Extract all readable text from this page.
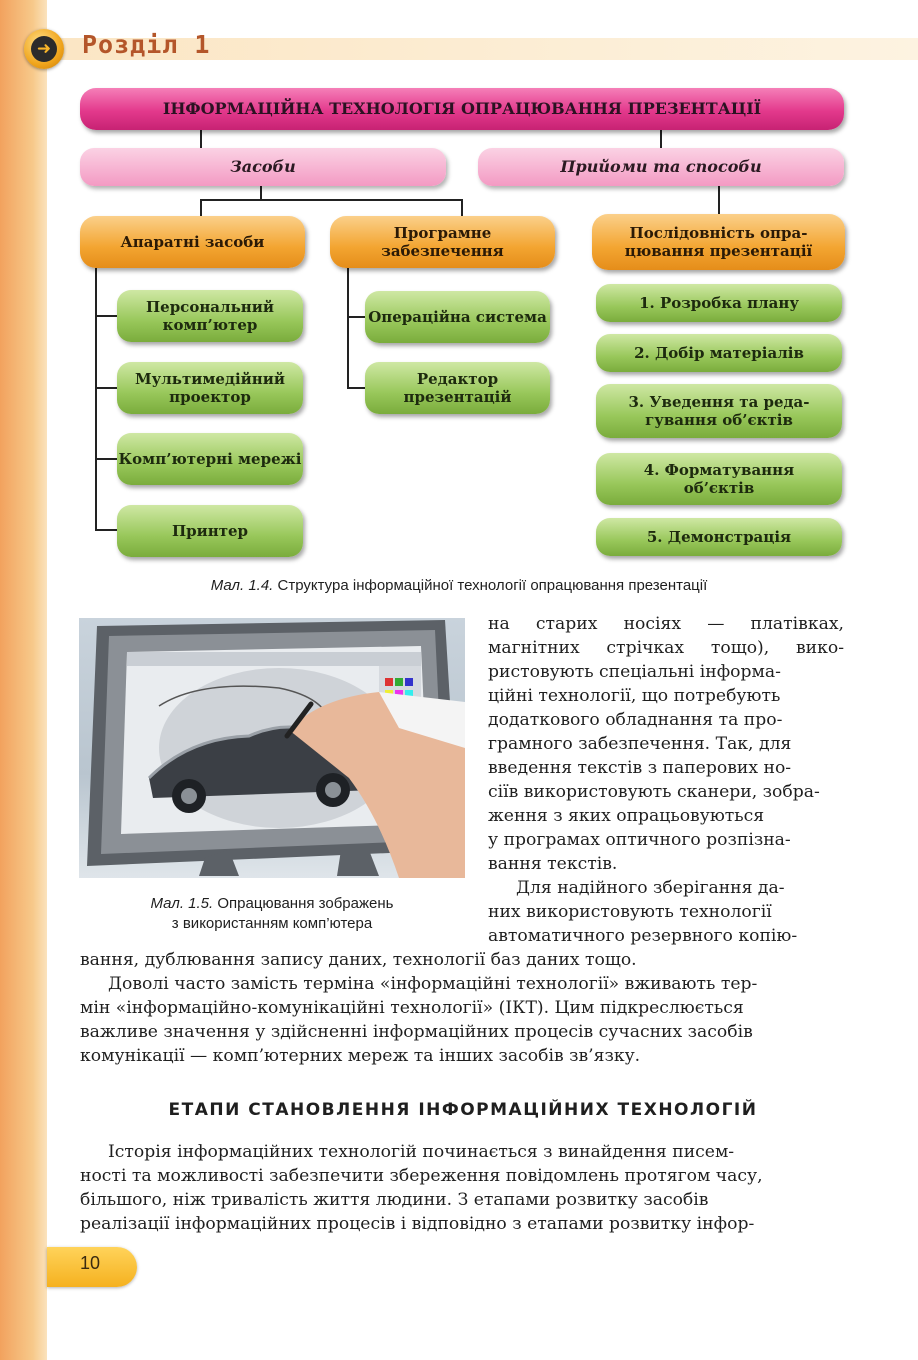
➜ Розділ 1
ІНФОРМАЦІЙНА ТЕХНОЛОГІЯ ОПРАЦЮВАННЯ ПРЕЗЕНТАЦІЇ
Засоби	Прийоми та способи
Апаратні засоби	Програмне
забезпечення
Послідовність опра-
цювання презентації
Персональний комп’ютер
Мультимедійний проектор
Комп’ютерні мережі
Принтер
Операційна система
Редактор презентацій
1. Розробка плану
2. Добір матеріалів
3. Уведення та реда-гування об’єктів
4. Форматування об’єктів
5. Демонстрація
Мал. 1.4. Структура інформаційної технології опрацювання презентації
Мал. 1.5. Опрацювання зображень
з використанням комп’ютера
на старих носіях — платівках,
магнітних стрічках тощо), вико-
ристовують спеціальні інформа-
ційні технології, що потребують
додаткового обладнання та про-
грамного забезпечення. Так, для
введення текстів з паперових но-
сіїв використовують сканери, зобра-
ження з яких опрацьовуються
у програмах оптичного розпізна-
вання текстів.
Для надійного зберігання да-
них використовують технології
автоматичного резервного копію-
вання, дублювання запису даних, технології баз даних тощо.
Доволі часто замість терміна «інформаційні технології» вживають тер-
мін «інформаційно-комунікаційні технології» (ІКТ). Цим підкреслюється
важливе значення у здійсненні інформаційних процесів сучасних засобів
комунікації — комп’ютерних мереж та інших засобів зв’язку.
ЕТАПИ СТАНОВЛЕННЯ ІНФОРМАЦІЙНИХ ТЕХНОЛОГІЙ
Історія інформаційних технологій починається з винайдення писем-
ності та можливості забезпечити збереження повідомлень протягом часу,
більшого, ніж тривалість життя людини. З етапами розвитку засобів
реалізації інформаційних процесів і відповідно з етапами розвитку інфор-
10
